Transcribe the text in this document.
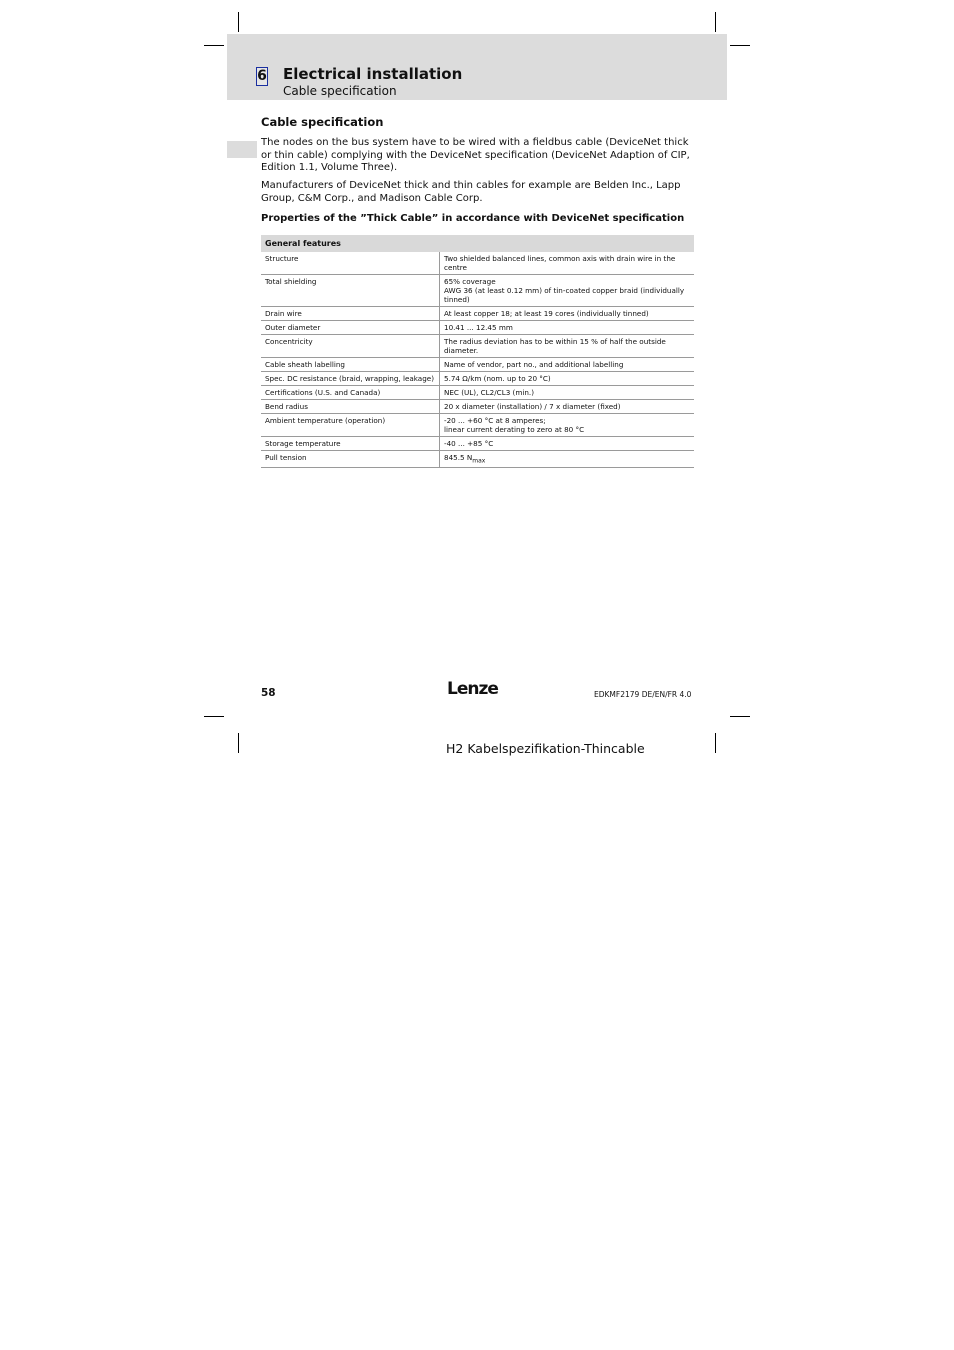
6 Electrical installation
Cable specification
Cable specification
The nodes on the bus system have to be wired with a fieldbus cable (DeviceNet thick or thin cable) complying with the DeviceNet specification (DeviceNet Adaption of CIP, Edition 1.1, Volume Three).
Manufacturers of DeviceNet thick and thin cables for example are Belden Inc., Lapp Group, C&M Corp., and Madison Cable Corp.
Properties of the ”Thick Cable” in accordance with DeviceNet specification
General features	
Structure	Two shielded balanced lines, common axis with drain wire in the centre
Total shielding	65% coverage
AWG 36 (at least 0.12 mm) of tin-coated copper braid (individually tinned)

Drain wire	At least copper 18; at least 19 cores (individually tinned)
Outer diameter	10.41 ... 12.45 mm
Concentricity	The radius deviation has to be within 15 % of half the outside diameter.
Cable sheath labelling	Name of vendor, part no., and additional labelling
Spec. DC resistance (braid, wrapping, leakage)	5.74 Ω/km (nom. up to 20 °C)
Certifications (U.S. and Canada)	NEC (UL), CL2/CL3 (min.)
Bend radius	20 x diameter (installation) / 7 x diameter (fixed)
Ambient temperature (operation)	-20 ... +60 °C at 8 amperes;
linear current derating to zero at 80 °C

Storage temperature	-40 ... +85 °C
Pull tension	845.5 $N_{max}$
58	Lenze	EDKMF2179 DE/EN/FR 4.0
H2 Kabelspezifikation-Thincable
